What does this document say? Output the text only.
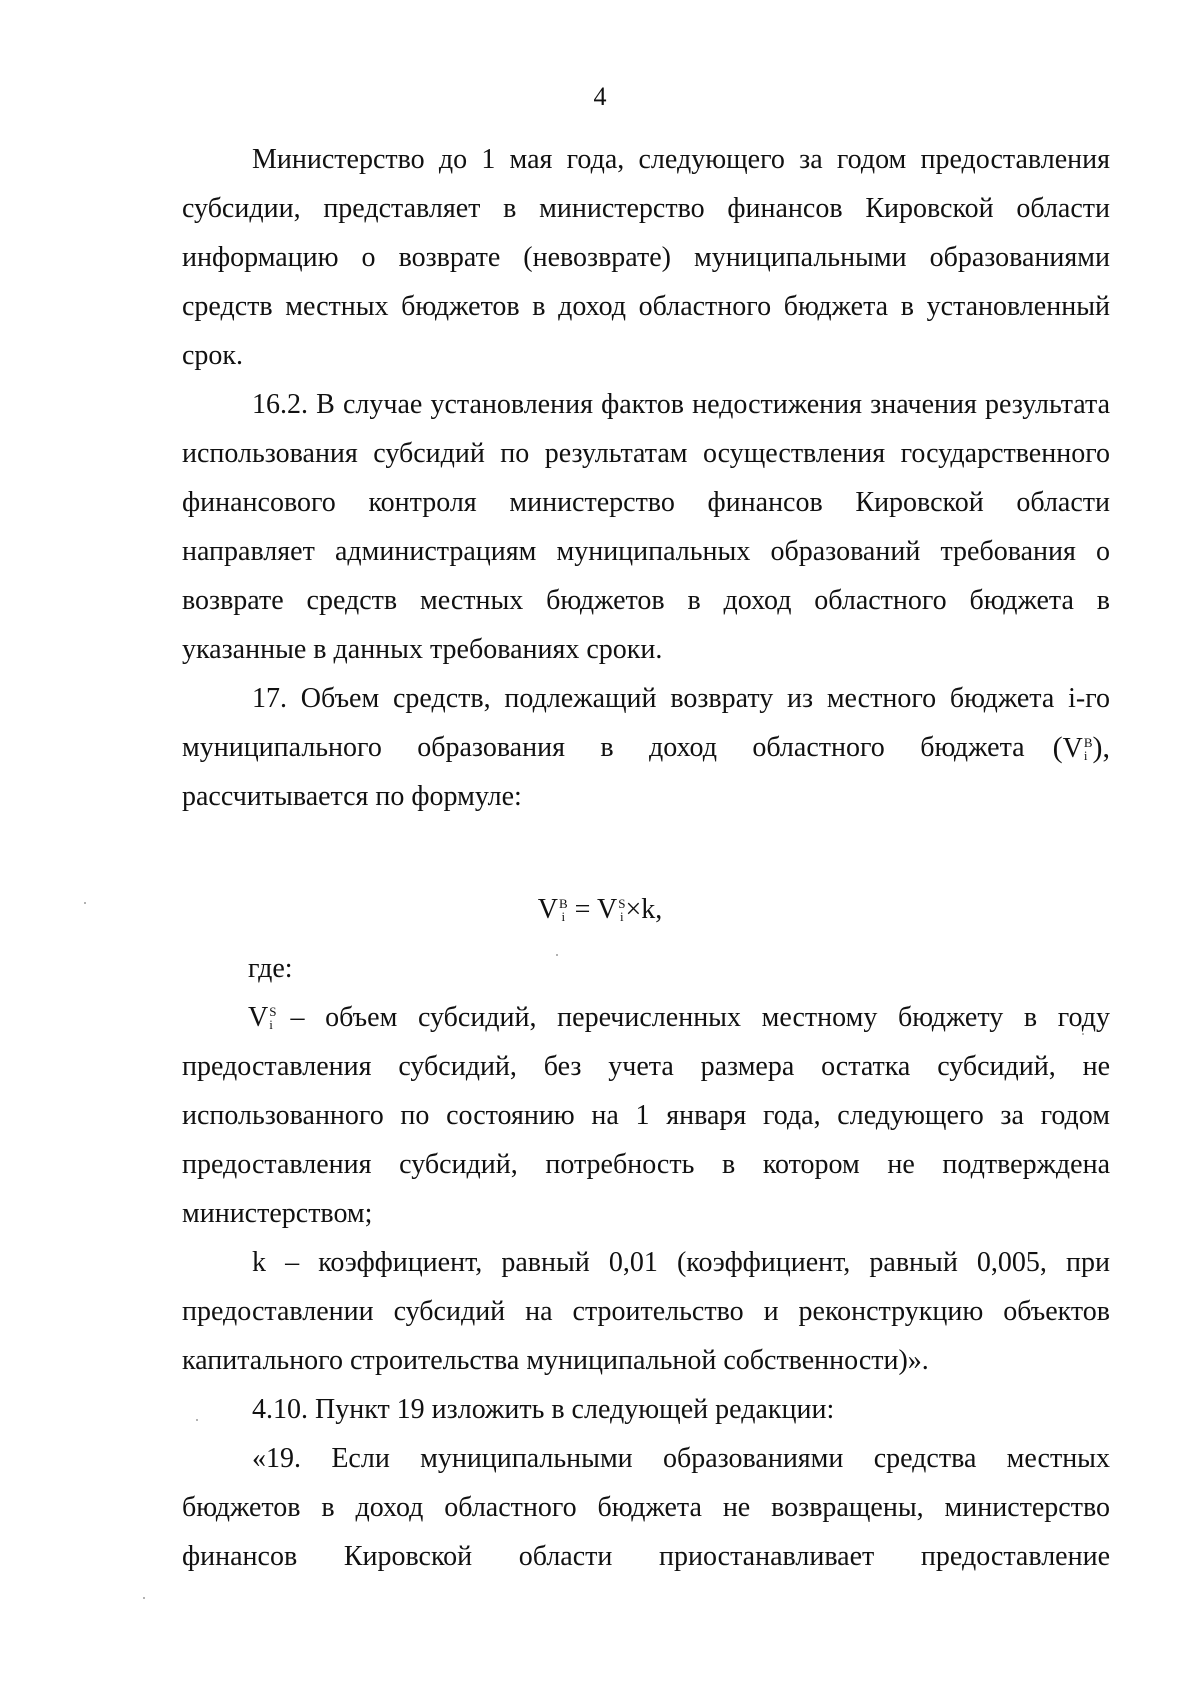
4
Министерство до 1 мая года, следующего за годом предоставления
субсидии, представляет в министерство финансов Кировской области
информацию о возврате (невозврате) муниципальными образованиями
средств местных бюджетов в доход областного бюджета в установленный
срок.
16.2. В случае установления фактов недостижения значения результата
использования субсидий по результатам осуществления государственного
финансового контроля министерство финансов Кировской области
направляет администрациям муниципальных образований требования о
возврате средств местных бюджетов в доход областного бюджета в
указанные в данных требованиях сроки.
17. Объем средств, подлежащий возврату из местного бюджета i-го
муниципального образования в доход областного бюджета (V B
i ),
рассчитывается по формуле:
V B
i = V S
i ×k,
где:
V S
i – объем субсидий, перечисленных местному бюджету в году
предоставления субсидий, без учета размера остатка субсидий, не
использованного по состоянию на 1 января года, следующего за годом
предоставления субсидий, потребность в котором не подтверждена
министерством;
k – коэффициент, равный 0,01 (коэффициент, равный 0,005, при
предоставлении субсидий на строительство и реконструкцию объектов
капитального строительства муниципальной собственности)».
4.10. Пункт 19 изложить в следующей редакции:
«19. Если муниципальными образованиями средства местных
бюджетов в доход областного бюджета не возвращены, министерство
финансов Кировской области приостанавливает предоставление
